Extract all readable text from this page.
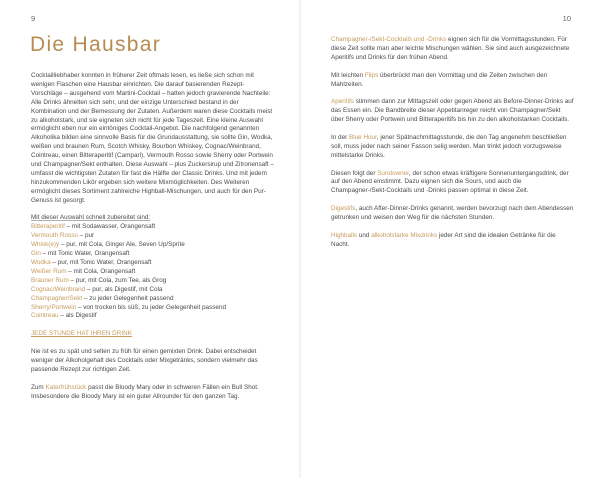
9
Die Hausbar

Cocktailliebhaber konnten in früherer Zeit oftmals lesen, es ließe sich schon mit wenigen Flaschen eine Hausbar einrichten. Die darauf basierenden Rezept-Vorschläge – ausgehend vom Martini-Cocktail – hatten jedoch gravierende Nachteile: Alle Drinks ähnelten sich sehr, und der einzige Unterschied bestand in der Kombination und der Bemessung der Zutaten. Außerdem waren diese Cocktails meist zu alkoholstark, und sie eigneten sich nicht für jede Tageszeit. Eine kleine Auswahl ermöglicht eben nur ein eintöniges Cocktail-Angebot. Die nachfolgend genannten Alkoholika bilden eine sinnvolle Basis für die Grundausstattung, sie sollte Gin, Wodka, weißen und braunen Rum, Scotch Whisky, Bourbon Whiskey, Cognac/Weinbrand, Cointreau, einen Bitteraperitif (Campari), Vermouth Rosso sowie Sherry oder Portwein und Champagner/Sekt enthalten. Diese Auswahl – plus Zuckersirup und Zitronensaft – umfasst die wichtigsten Zutaten für fast die Hälfte der Classic Drinks. Und mit jedem hinzukommenden Likör ergeben sich weitere Mixmöglichkeiten. Des Weiteren ermöglicht dieses Sortiment zahlreiche Highball-Mischungen, und auch für den Pur-Genuss ist gesorgt.

Mit dieser Auswahl schnell zubereitet sind:

Bitteraperitif – mit Sodawasser, Orangensaft
Vermouth Rosso – pur
Whisk(e)y – pur, mit Cola, Ginger Ale, Seven Up/Sprite
Gin – mit Tonic Water, Orangensaft
Wodka – pur, mit Tonic Water, Orangensaft
Weißer Rum – mit Cola, Orangensaft
Brauner Rum – pur, mit Cola, zum Tee, als Grog
Cognac/Weinbrand – pur, als Digestif, mit Cola
Champagner/Sekt – zu jeder Gelegenheit passend
Sherry/Portwein – von trocken bis süß, zu jeder Gelegenheit passend
Cointreau – als Digestif

JEDE STUNDE HAT IHREN DRINK

Nie ist es zu spät und selten zu früh für einen gemixten Drink. Dabei entscheidet weniger der Alkoholgehalt des Cocktails oder Mixgetränks, sondern vielmehr das passende Rezept zur richtigen Zeit.

Zum Katerfrühstück passt die Bloody Mary oder in schweren Fällen ein Bull Shot. Insbesondere die Bloody Mary ist ein guter Allrounder für den ganzen Tag.

10

Champagner-/Sekt-Cocktails und -Drinks eignen sich für die Vormittagsstunden. Für diese Zeit sollte man aber leichte Mischungen wählen. Sie sind auch ausgezeichnete Aperitifs und Drinks für den frühen Abend.

Mit leichten Flips überbrückt man den Vormittag und die Zeiten zwischen den Mahlzeiten.

Aperitifs stimmen dann zur Mittagszeit oder gegen Abend als Before-Dinner-Drinks auf das Essen ein. Die Bandbreite dieser Appetitanreger reicht von Champagner/Sekt über Sherry oder Portwein und Bitteraperitifs bis hin zu den alkoholstarken Cocktails.

In der Blue Hour, jener Spätnachmittagsstunde, die den Tag angenehm beschließen soll, muss jeder nach seiner Fasson selig werden. Man trinkt jedoch vorzugsweise mittelstarke Drinks.

Diesen folgt der Sundowner, der schon etwas kräftigere Sonnenuntergangsdrink, der auf den Abend einstimmt. Dazu eignen sich die Sours, und auch die Champagner-/Sekt-Cocktails und -Drinks passen optimal in diese Zeit.

Digestifs, auch After-Dinner-Drinks genannt, werden bevorzugt nach dem Abendessen getrunken und weisen den Weg für die nächsten Stunden.

Highballs und alkoholstarke Mixdrinks jeder Art sind die idealen Getränke für die Nacht.
